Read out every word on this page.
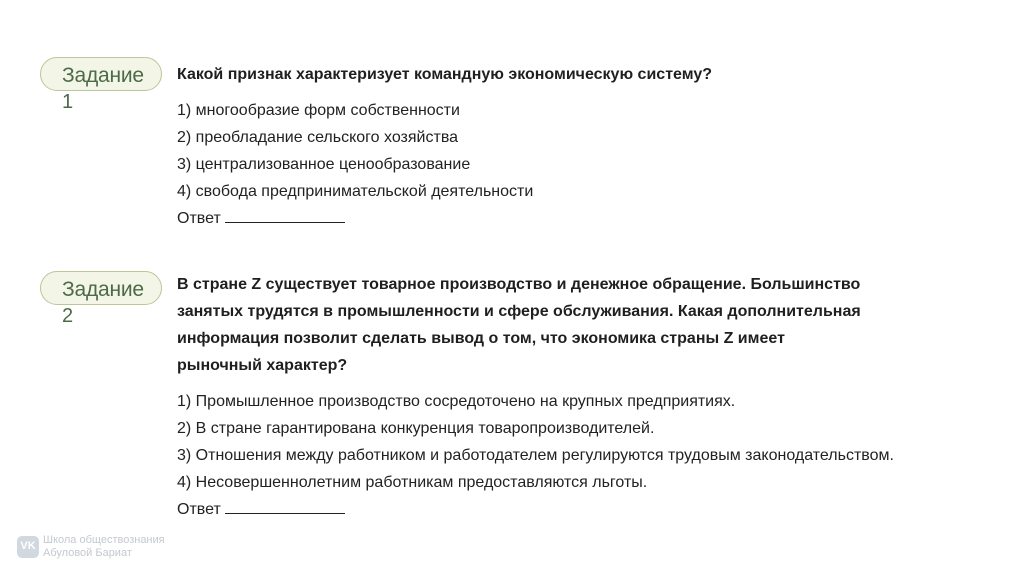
Задание
1
Какой признак характеризует командную экономическую систему?
1) многообразие форм собственности
2) преобладание сельского хозяйства
3) централизованное ценообразование
4) свобода предпринимательской деятельности
Ответ
Задание
2
В стране Z существует товарное производство и денежное обращение. Большинство
занятых трудятся в промышленности и сфере обслуживания. Какая дополнительная
информация позволит сделать вывод о том, что экономика страны Z имеет
рыночный характер?
1) Промышленное производство сосредоточено на крупных предприятиях.
2) В стране гарантирована конкуренция товаропроизводителей.
3) Отношения между работником и работодателем регулируются трудовым законодательством.
4) Несовершеннолетним работникам предоставляются льготы.
Ответ
VK Школа обществознания
Абуловой Бариат
